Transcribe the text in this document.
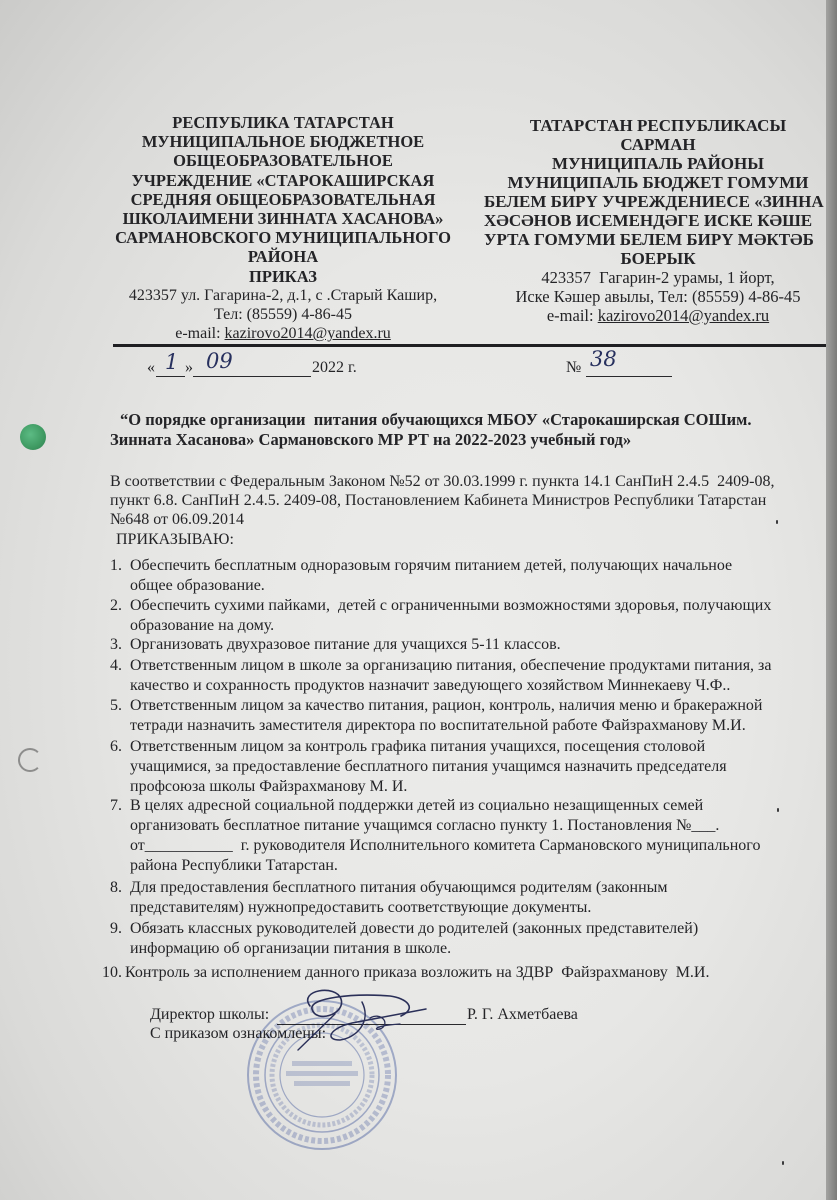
РЕСПУБЛИКА ТАТАРСТАН
МУНИЦИПАЛЬНОЕ БЮДЖЕТНОЕ
ОБЩЕОБРАЗОВАТЕЛЬНОЕ
УЧРЕЖДЕНИЕ «СТАРОКАШИРСКАЯ
СРЕДНЯЯ ОБЩЕОБРАЗОВАТЕЛЬНАЯ
ШКОЛАИМЕНИ ЗИННАТА ХАСАНОВА»
САРМАНОВСКОГО МУНИЦИПАЛЬНОГО
РАЙОНА
ПРИКАЗ
423357 ул. Гагарина-2, д.1, с .Старый Кашир,
Тел: (85559) 4-86-45
e-mail: kazirovo2014@yandex.ru
ТАТАРСТАН РЕСПУБЛИКАСЫ
САРМАН
МУНИЦИПАЛЬ РАЙОНЫ
МУНИЦИПАЛЬ БЮДЖЕТ ГОМУМИ
БЕЛЕМ БИРҮ УЧРЕЖДЕНИЕСЕ «ЗИННА
ХӘСӘНОВ ИСЕМЕНДӘГЕ ИСКЕ КӘШЕ
УРТА ГОМУМИ БЕЛЕМ БИРҮ МӘКТӘБ
БОЕРЫК
423357  Гагарин-2 урамы, 1 йорт,
Иске Кәшер авылы, Тел: (85559) 4-86-45
e-mail: kazirovo2014@yandex.ru
« 1 » 09	2022 г.	№ 38
“О порядке организации  питания обучающихся МБОУ «Старокаширская СОШим.
Зинната Хасанова» Сармановского МР РТ на 2022-2023 учебный год»
В соответствии с Федеральным Законом №52 от 30.03.1999 г. пункта 14.1 СанПиН 2.4.5  2409-08,
пункт 6.8. СанПиН 2.4.5. 2409-08, Постановлением Кабинета Министров Республики Татарстан
№648 от 06.09.2014
ПРИКАЗЫВАЮ:
1. Обеспечить бесплатным одноразовым горячим питанием детей, получающих начальное
общее образование.
2. Обеспечить сухими пайками,  детей с ограниченными возможностями здоровья, получающих
образование на дому.
3. Организовать двухразовое питание для учащихся 5-11 классов.
4. Ответственным лицом в школе за организацию питания, обеспечение продуктами питания, за
качество и сохранность продуктов назначит заведующего хозяйством Миннекаеву Ч.Ф..
5. Ответственным лицом за качество питания, рацион, контроль, наличия меню и бракеражной
тетради назначить заместителя директора по воспитательной работе Файзрахманову М.И.
6. Ответственным лицом за контроль графика питания учащихся, посещения столовой
учащимися, за предоставление бесплатного питания учащимся назначить председателя
профсоюза школы Файзрахманову М. И.
7. В целях адресной социальной поддержки детей из социально незащищенных семей
организовать бесплатное питание учащимся согласно пункту 1. Постановления №___.
от___________  г. руководителя Исполнительного комитета Сармановского муниципального
района Республики Татарстан.
8. Для предоставления бесплатного питания обучающимся родителям (законным
представителям) нужнопредоставить соответствующие документы.
9. Обязать классных руководителей довести до родителей (законных представителей)
информацию об организации питания в школе.
10. Контроль за исполнением данного приказа возложить на ЗДВР  Файзрахманову  М.И.
Директор школы:	Р. Г. Ахметбаева
С приказом ознакомлены:
